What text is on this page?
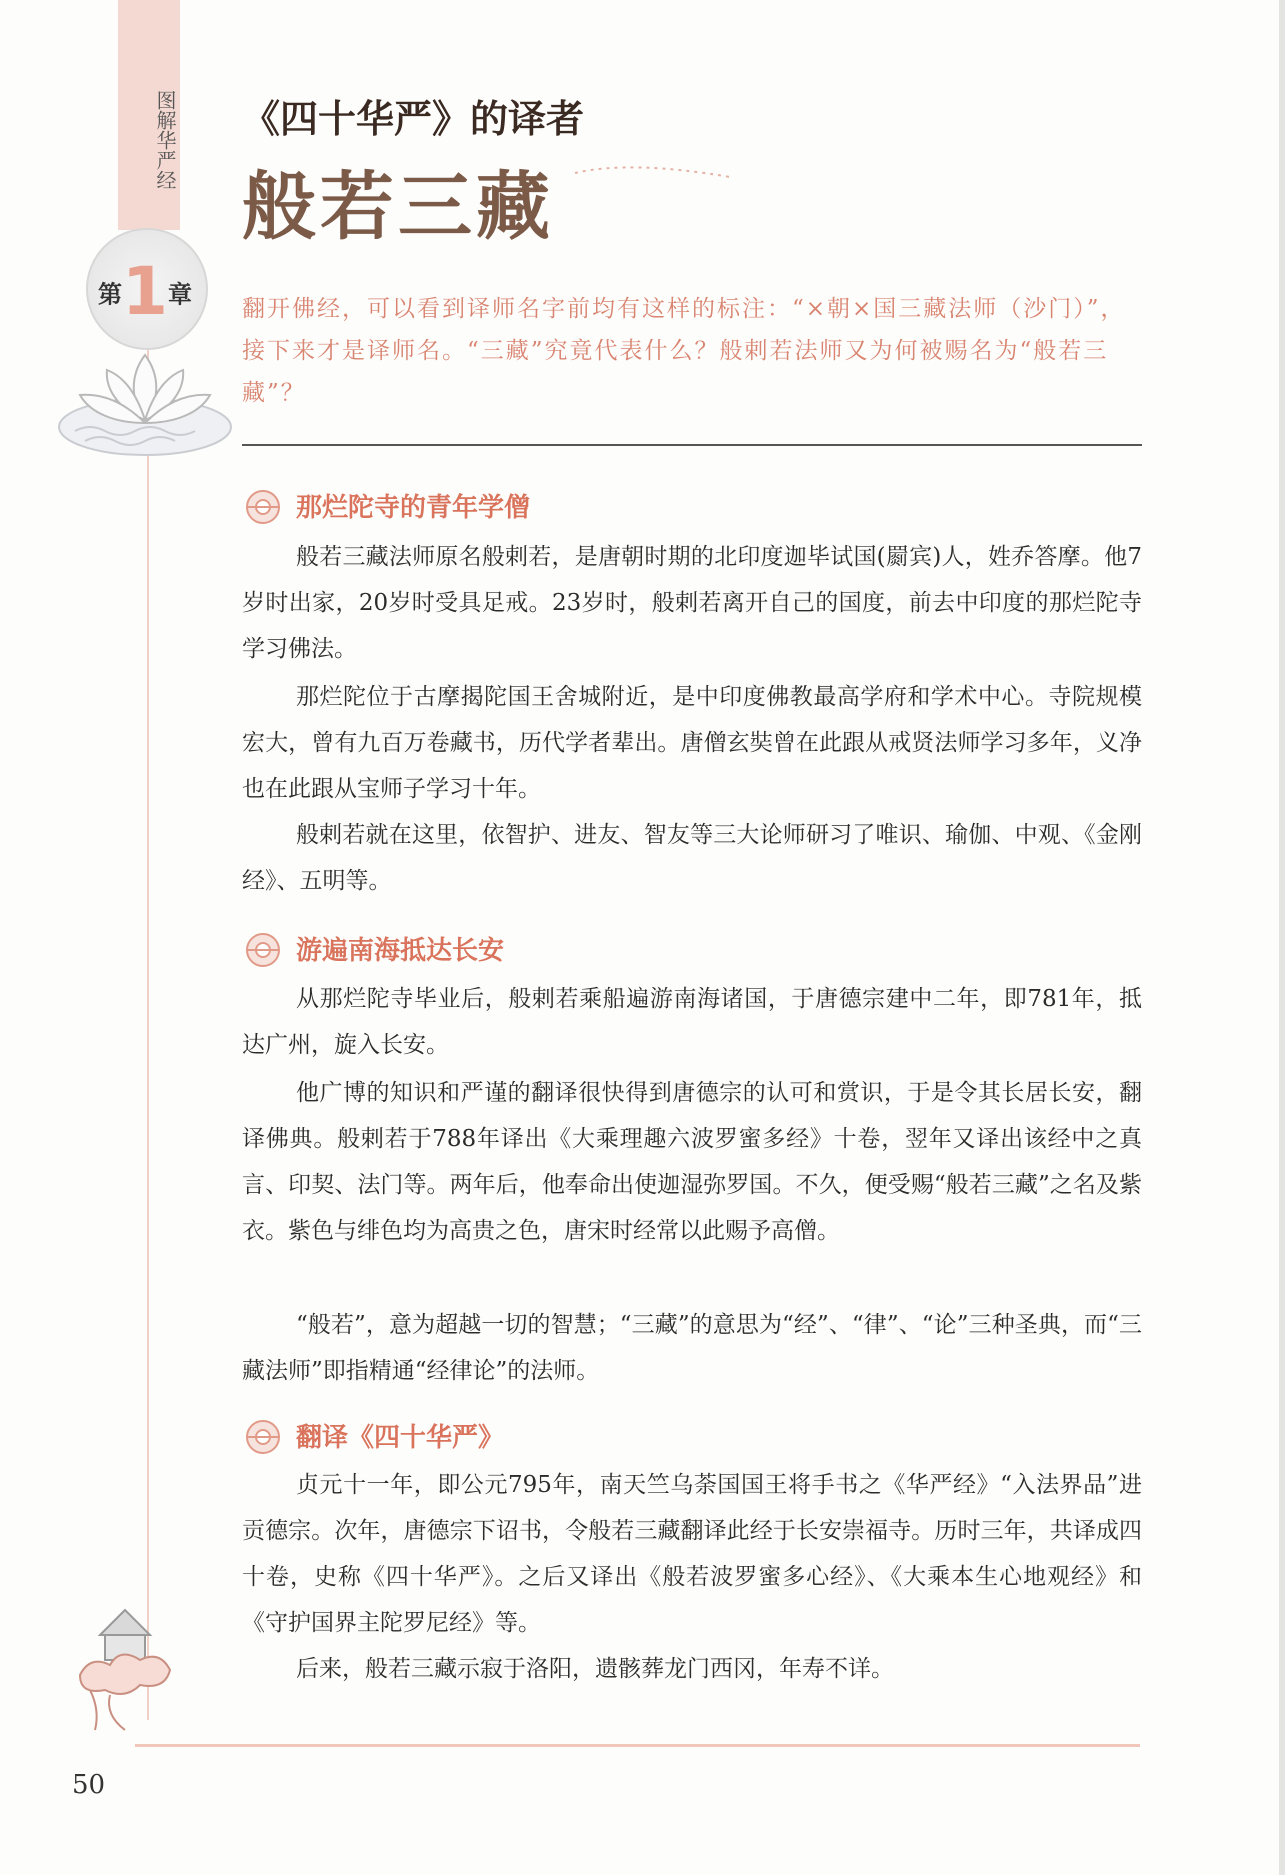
图解华严经
第1章
《四十华严》的译者
般若三藏

翻开佛经，可以看到译师名字前均有这样的标注：“×朝×国三藏法师（沙门）”，接下来才是译师名。“三藏”究竟代表什么？般剌若法师又为何被赐名为“般若三藏”？

那烂陀寺的青年学僧

般若三藏法师原名般剌若，是唐朝时期的北印度迦毕试国(罽宾)人，姓乔答摩。他7岁时出家，20岁时受具足戒。23岁时，般剌若离开自己的国度，前去中印度的那烂陀寺学习佛法。

那烂陀位于古摩揭陀国王舍城附近，是中印度佛教最高学府和学术中心。寺院规模宏大，曾有九百万卷藏书，历代学者辈出。唐僧玄奘曾在此跟从戒贤法师学习多年，义净也在此跟从宝师子学习十年。

般剌若就在这里，依智护、进友、智友等三大论师研习了唯识、瑜伽、中观、《金刚经》、五明等。

游遍南海抵达长安

从那烂陀寺毕业后，般剌若乘船遍游南海诸国，于唐德宗建中二年，即781年，抵达广州，旋入长安。

他广博的知识和严谨的翻译很快得到唐德宗的认可和赏识，于是令其长居长安，翻译佛典。般剌若于788年译出《大乘理趣六波罗蜜多经》十卷，翌年又译出该经中之真言、印契、法门等。两年后，他奉命出使迦湿弥罗国。不久，便受赐“般若三藏”之名及紫衣。紫色与绯色均为高贵之色，唐宋时经常以此赐予高僧。

“般若”，意为超越一切的智慧；“三藏”的意思为“经”、“律”、“论”三种圣典，而“三藏法师”即指精通“经律论”的法师。

翻译《四十华严》

贞元十一年，即公元795年，南天竺乌荼国国王将手书之《华严经》“入法界品”进贡德宗。次年，唐德宗下诏书，令般若三藏翻译此经于长安崇福寺。历时三年，共译成四十卷，史称《四十华严》。之后又译出《般若波罗蜜多心经》、《大乘本生心地观经》和《守护国界主陀罗尼经》等。

后来，般若三藏示寂于洛阳，遗骸葬龙门西冈，年寿不详。

50
